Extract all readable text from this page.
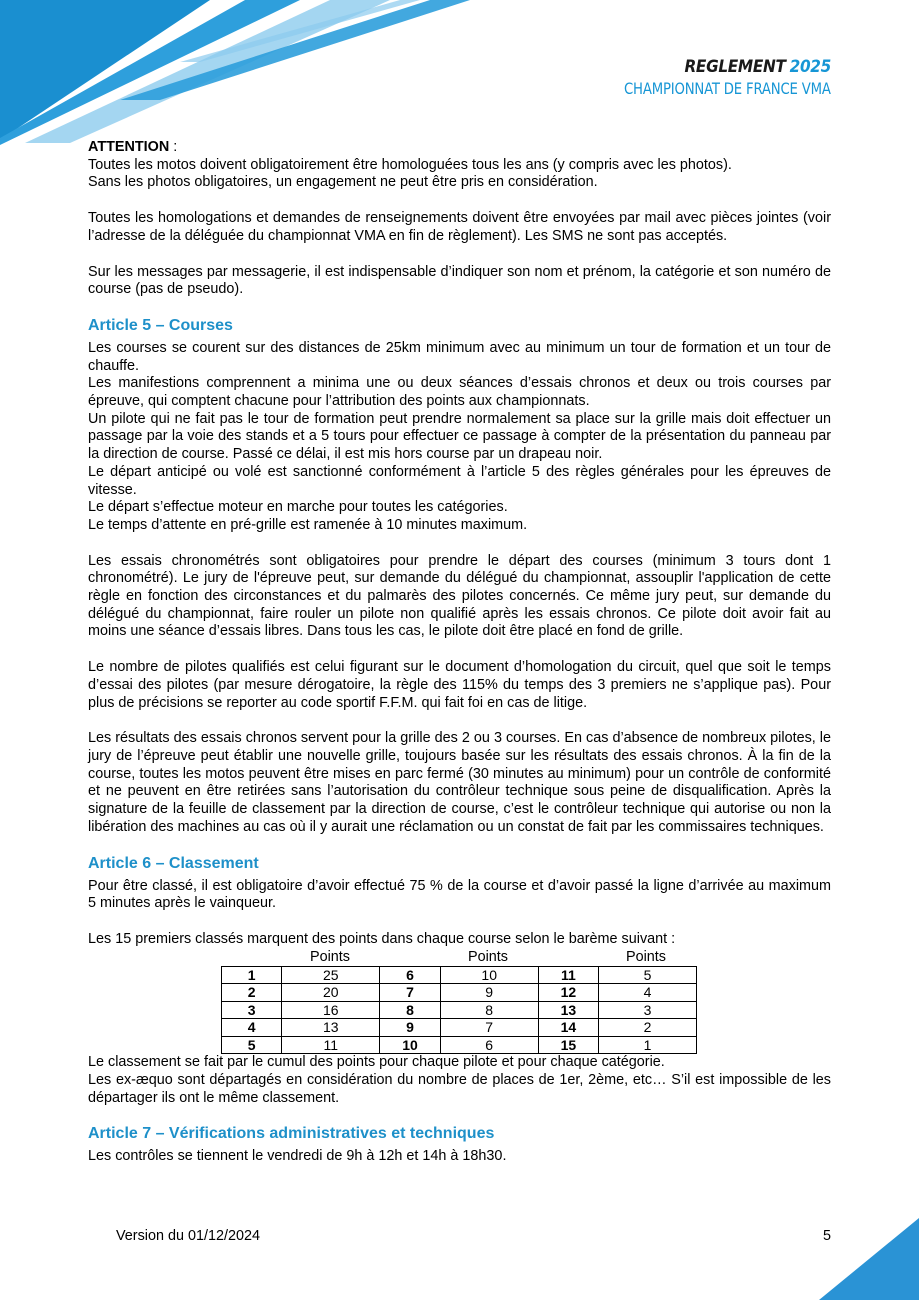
REGLEMENT 2025
CHAMPIONNAT DE FRANCE VMA

ATTENTION :

Toutes les motos doivent obligatoirement être homologuées tous les ans (y compris avec les photos).

Sans les photos obligatoires, un engagement ne peut être pris en considération.

Toutes les homologations et demandes de renseignements doivent être envoyées par mail avec pièces jointes (voir l’adresse de la déléguée du championnat VMA en fin de règlement). Les SMS ne sont pas acceptés.

Sur les messages par messagerie, il est indispensable d’indiquer son nom et prénom, la catégorie et son numéro de course (pas de pseudo).

Article 5 – Courses

Les courses se courent sur des distances de 25km minimum avec au minimum un tour de formation et un tour de chauffe.

Les manifestions comprennent a minima une ou deux séances d’essais chronos et deux ou trois courses par épreuve, qui comptent chacune pour l’attribution des points aux championnats.

Un pilote qui ne fait pas le tour de formation peut prendre normalement sa place sur la grille mais doit effectuer un passage par la voie des stands et a 5 tours pour effectuer ce passage à compter de la présentation du panneau par la direction de course. Passé ce délai, il est mis hors course par un drapeau noir.

Le départ anticipé ou volé est sanctionné conformément à l’article 5 des règles générales pour les épreuves de vitesse.

Le départ s’effectue moteur en marche pour toutes les catégories.

Le temps d’attente en pré-grille est ramenée à 10 minutes maximum.

Les essais chronométrés sont obligatoires pour prendre le départ des courses (minimum 3 tours dont 1 chronométré). Le jury de l'épreuve peut, sur demande du délégué du championnat, assouplir l'application de cette règle en fonction des circonstances et du palmarès des pilotes concernés. Ce même jury peut, sur demande du délégué du championnat, faire rouler un pilote non qualifié après les essais chronos. Ce pilote doit avoir fait au moins une séance d’essais libres. Dans tous les cas, le pilote doit être placé en fond de grille.

Le nombre de pilotes qualifiés est celui figurant sur le document d’homologation du circuit, quel que soit le temps d’essai des pilotes (par mesure dérogatoire, la règle des 115% du temps des 3 premiers ne s’applique pas). Pour plus de précisions se reporter au code sportif F.F.M. qui fait foi en cas de litige.

Les résultats des essais chronos servent pour la grille des 2 ou 3 courses. En cas d’absence de nombreux pilotes, le jury de l’épreuve peut établir une nouvelle grille, toujours basée sur les résultats des essais chronos. À la fin de la course, toutes les motos peuvent être mises en parc fermé (30 minutes au minimum) pour un contrôle de conformité et ne peuvent en être retirées sans l’autorisation du contrôleur technique sous peine de disqualification. Après la signature de la feuille de classement par la direction de course, c’est le contrôleur technique qui autorise ou non la libération des machines au cas où il y aurait une réclamation ou un constat de fait par les commissaires techniques.

Article 6 – Classement

Pour être classé, il est obligatoire d’avoir effectué 75 % de la course et d’avoir passé la ligne d’arrivée au maximum 5 minutes après le vainqueur.

Les 15 premiers classés marquent des points dans chaque course selon le barème suivant :

Points	Points	Points
1	25	6	10	11	5
2	20	7	9	12	4
3	16	8	8	13	3
4	13	9	7	14	2
5	11	10	6	15	1

Le classement se fait par le cumul des points pour chaque pilote et pour chaque catégorie.

Les ex-æquo sont départagés en considération du nombre de places de 1er, 2ème, etc… S’il est impossible de les départager ils ont le même classement.

Article 7 – Vérifications administratives et techniques

Les contrôles se tiennent le vendredi de 9h à 12h et 14h à 18h30.

Version du 01/12/2024	5
